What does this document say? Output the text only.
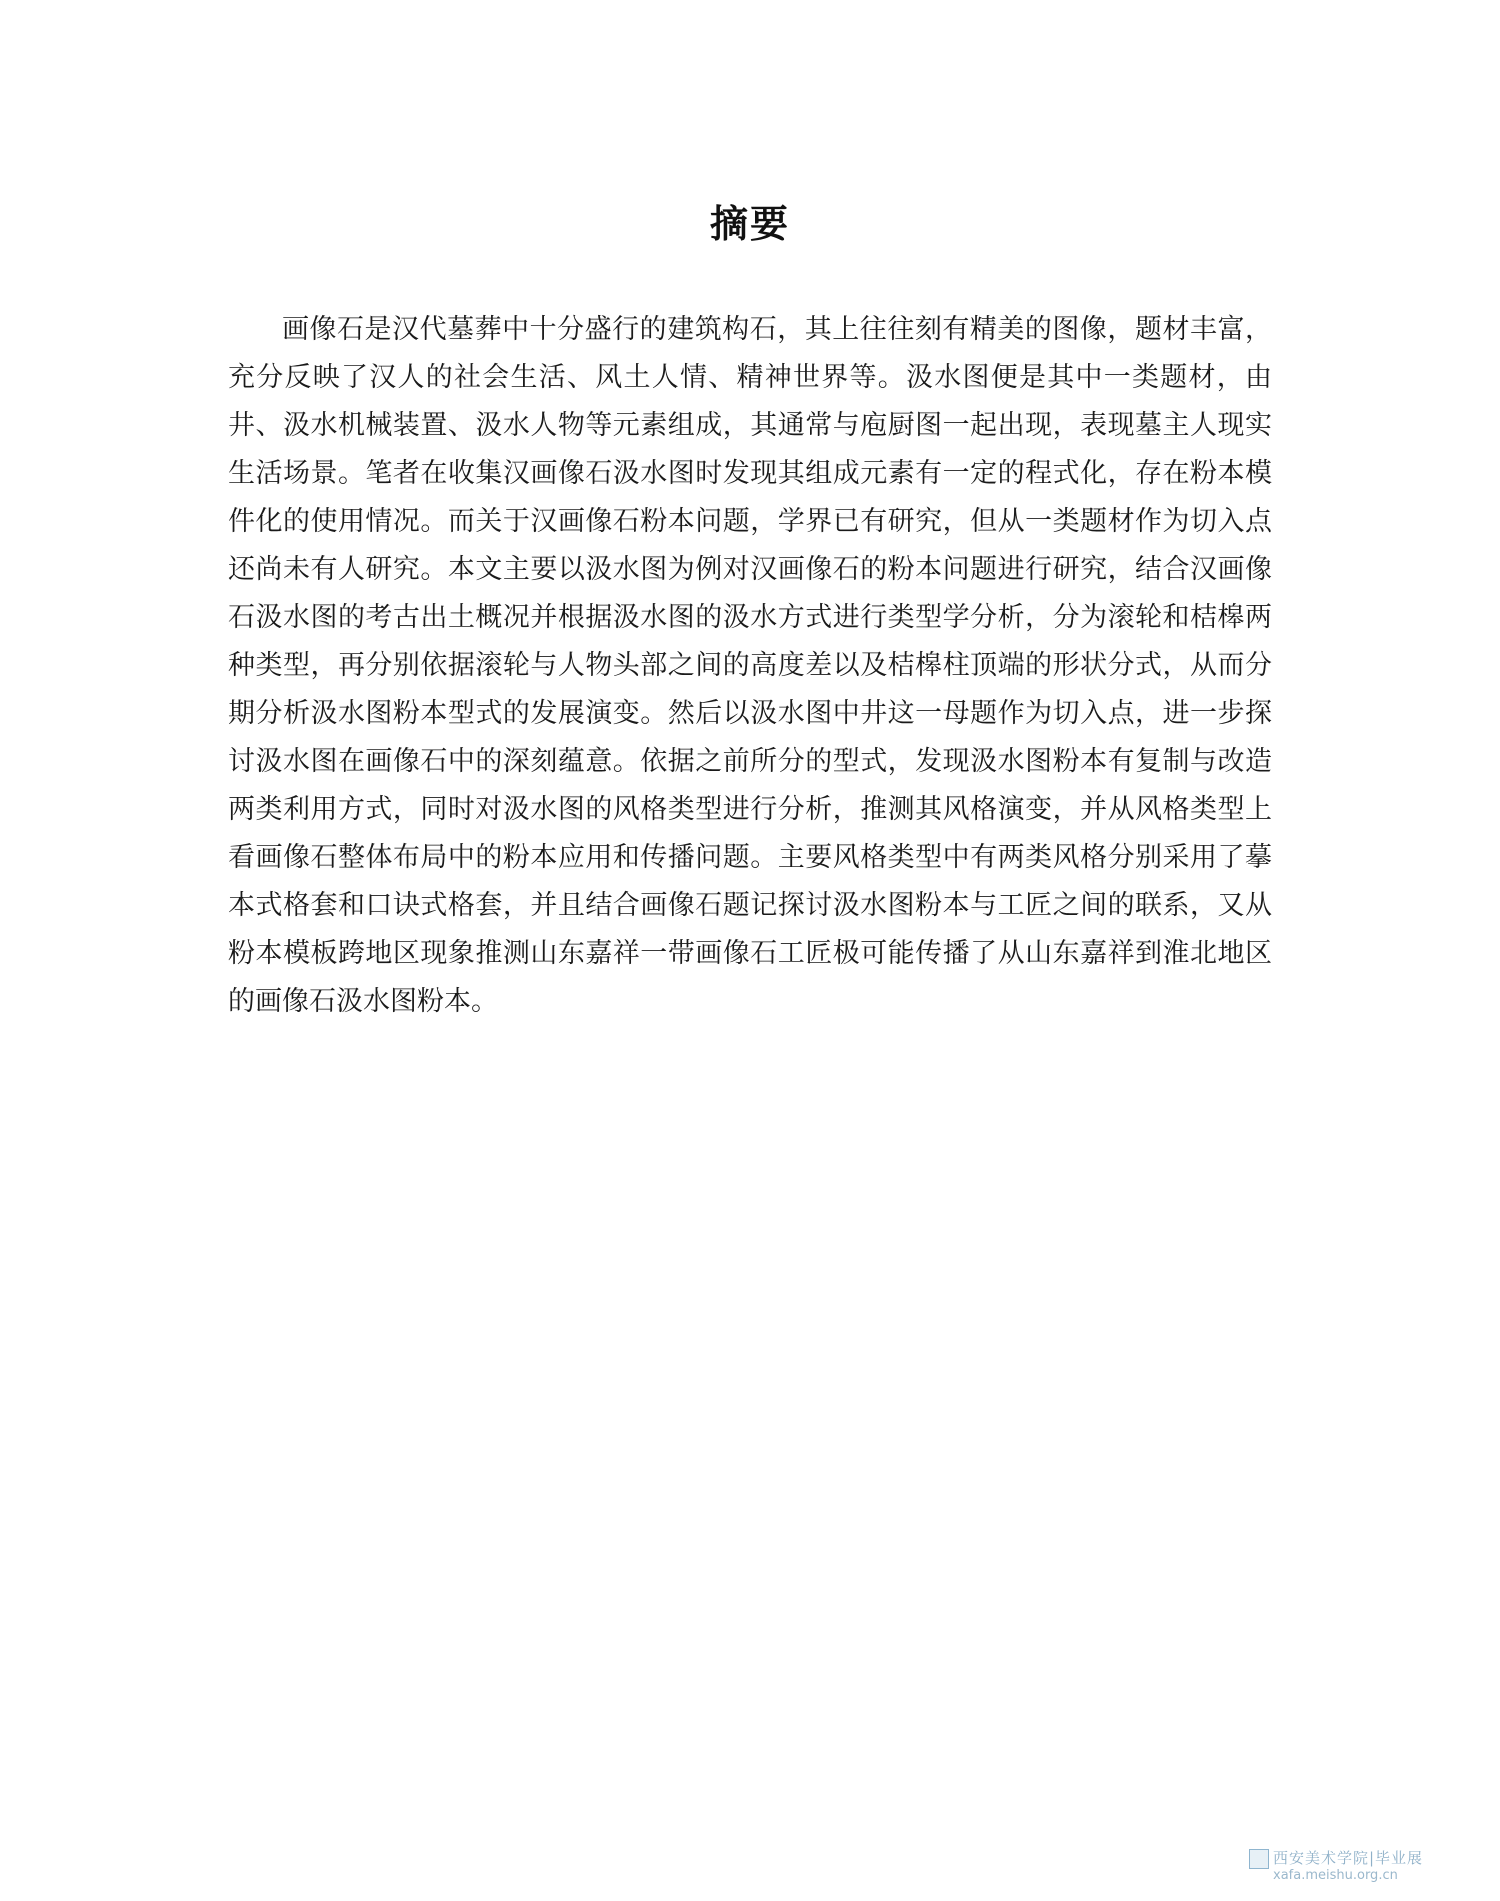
摘要

画像石是汉代墓葬中十分盛行的建筑构石，其上往往刻有精美的图像，题材丰富，充分反映了汉人的社会生活、风土人情、精神世界等。汲水图便是其中一类题材，由井、汲水机械装置、汲水人物等元素组成，其通常与庖厨图一起出现，表现墓主人现实生活场景。笔者在收集汉画像石汲水图时发现其组成元素有一定的程式化，存在粉本模件化的使用情况。而关于汉画像石粉本问题，学界已有研究，但从一类题材作为切入点还尚未有人研究。本文主要以汲水图为例对汉画像石的粉本问题进行研究，结合汉画像石汲水图的考古出土概况并根据汲水图的汲水方式进行类型学分析，分为滚轮和桔槔两种类型，再分别依据滚轮与人物头部之间的高度差以及桔槔柱顶端的形状分式，从而分期分析汲水图粉本型式的发展演变。然后以汲水图中井这一母题作为切入点，进一步探讨汲水图在画像石中的深刻蕴意。依据之前所分的型式，发现汲水图粉本有复制与改造两类利用方式，同时对汲水图的风格类型进行分析，推测其风格演变，并从风格类型上看画像石整体布局中的粉本应用和传播问题。主要风格类型中有两类风格分别采用了摹本式格套和口诀式格套，并且结合画像石题记探讨汲水图粉本与工匠之间的联系，又从粉本模板跨地区现象推测山东嘉祥一带画像石工匠极可能传播了从山东嘉祥到淮北地区的画像石汲水图粉本。

西安美术学院|毕业展
xafa.meishu.org.cn
